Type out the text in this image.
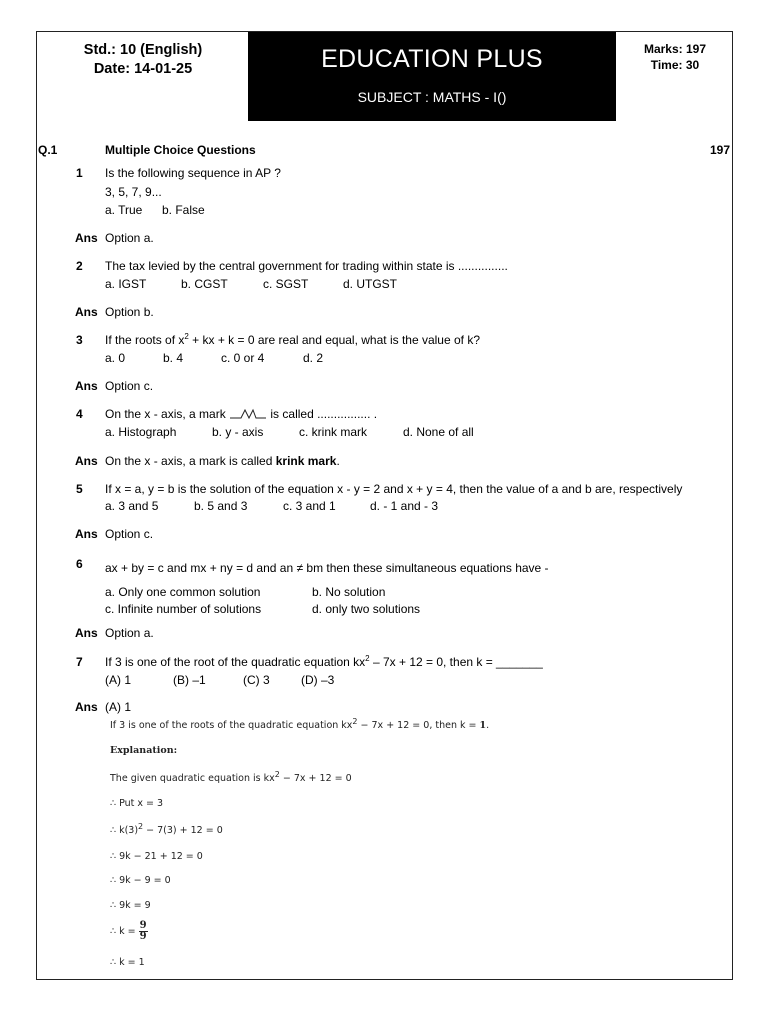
Std.: 10 (English)
Date: 14-01-25	EDUCATION PLUS
SUBJECT : MATHS - I()
Marks: 197
Time: 30
Q.1	Multiple Choice Questions	197
1 Is the following sequence in AP ?
3, 5, 7, 9...
a. True b. False
Ans Option a.
2 The tax levied by the central government for trading within state is ...............
a. IGST	b. CGST	c. SGST	d. UTGST
Ans Option b.
3 If the roots of $x^2$ + kx + k = 0 are real and equal, what is the value of k?
a. 0	b. 4	c. 0 or 4	d. 2
Ans Option c.
4 On the x - axis, a mark	is called ................ .
a. Histograph	b. y - axis	c. krink mark	d. None of all
Ans On the x - axis, a mark is called krink mark.
5 If x = a, y = b is the solution of the equation x - y = 2 and x + y = 4, then the value of a and b are, respectively
a. 3 and 5	b. 5 and 3	c. 3 and 1	d. - 1 and - 3
Ans Option c.
6 ax + by = c and mx + ny = d and an ≠ bm then these simultaneous equations have -
a. Only one common solution	b. No solution
c. Infinite number of solutions	d. only two solutions
Ans Option a.
7 If 3 is one of the root of the quadratic equation $kx^2 - 7x + 12 = 0$, then k = _______
(A) 1	(B) –1	(C) 3	(D) –3
Ans (A) 1
If 3 is one of the roots of the quadratic equation $kx^2 - 7x + 12 = 0$, then k = 1.
Explanation:
The given quadratic equation is $kx^2 - 7x + 12 = 0$
∴ Put x = 3
∴ $k(3)^2 - 7(3) + 12 = 0$
∴ 9k − 21 + 12 = 0
∴ 9k − 9 = 0
∴ 9k = 9
∴ $k = \frac{9}{9}$
∴ k = 1
